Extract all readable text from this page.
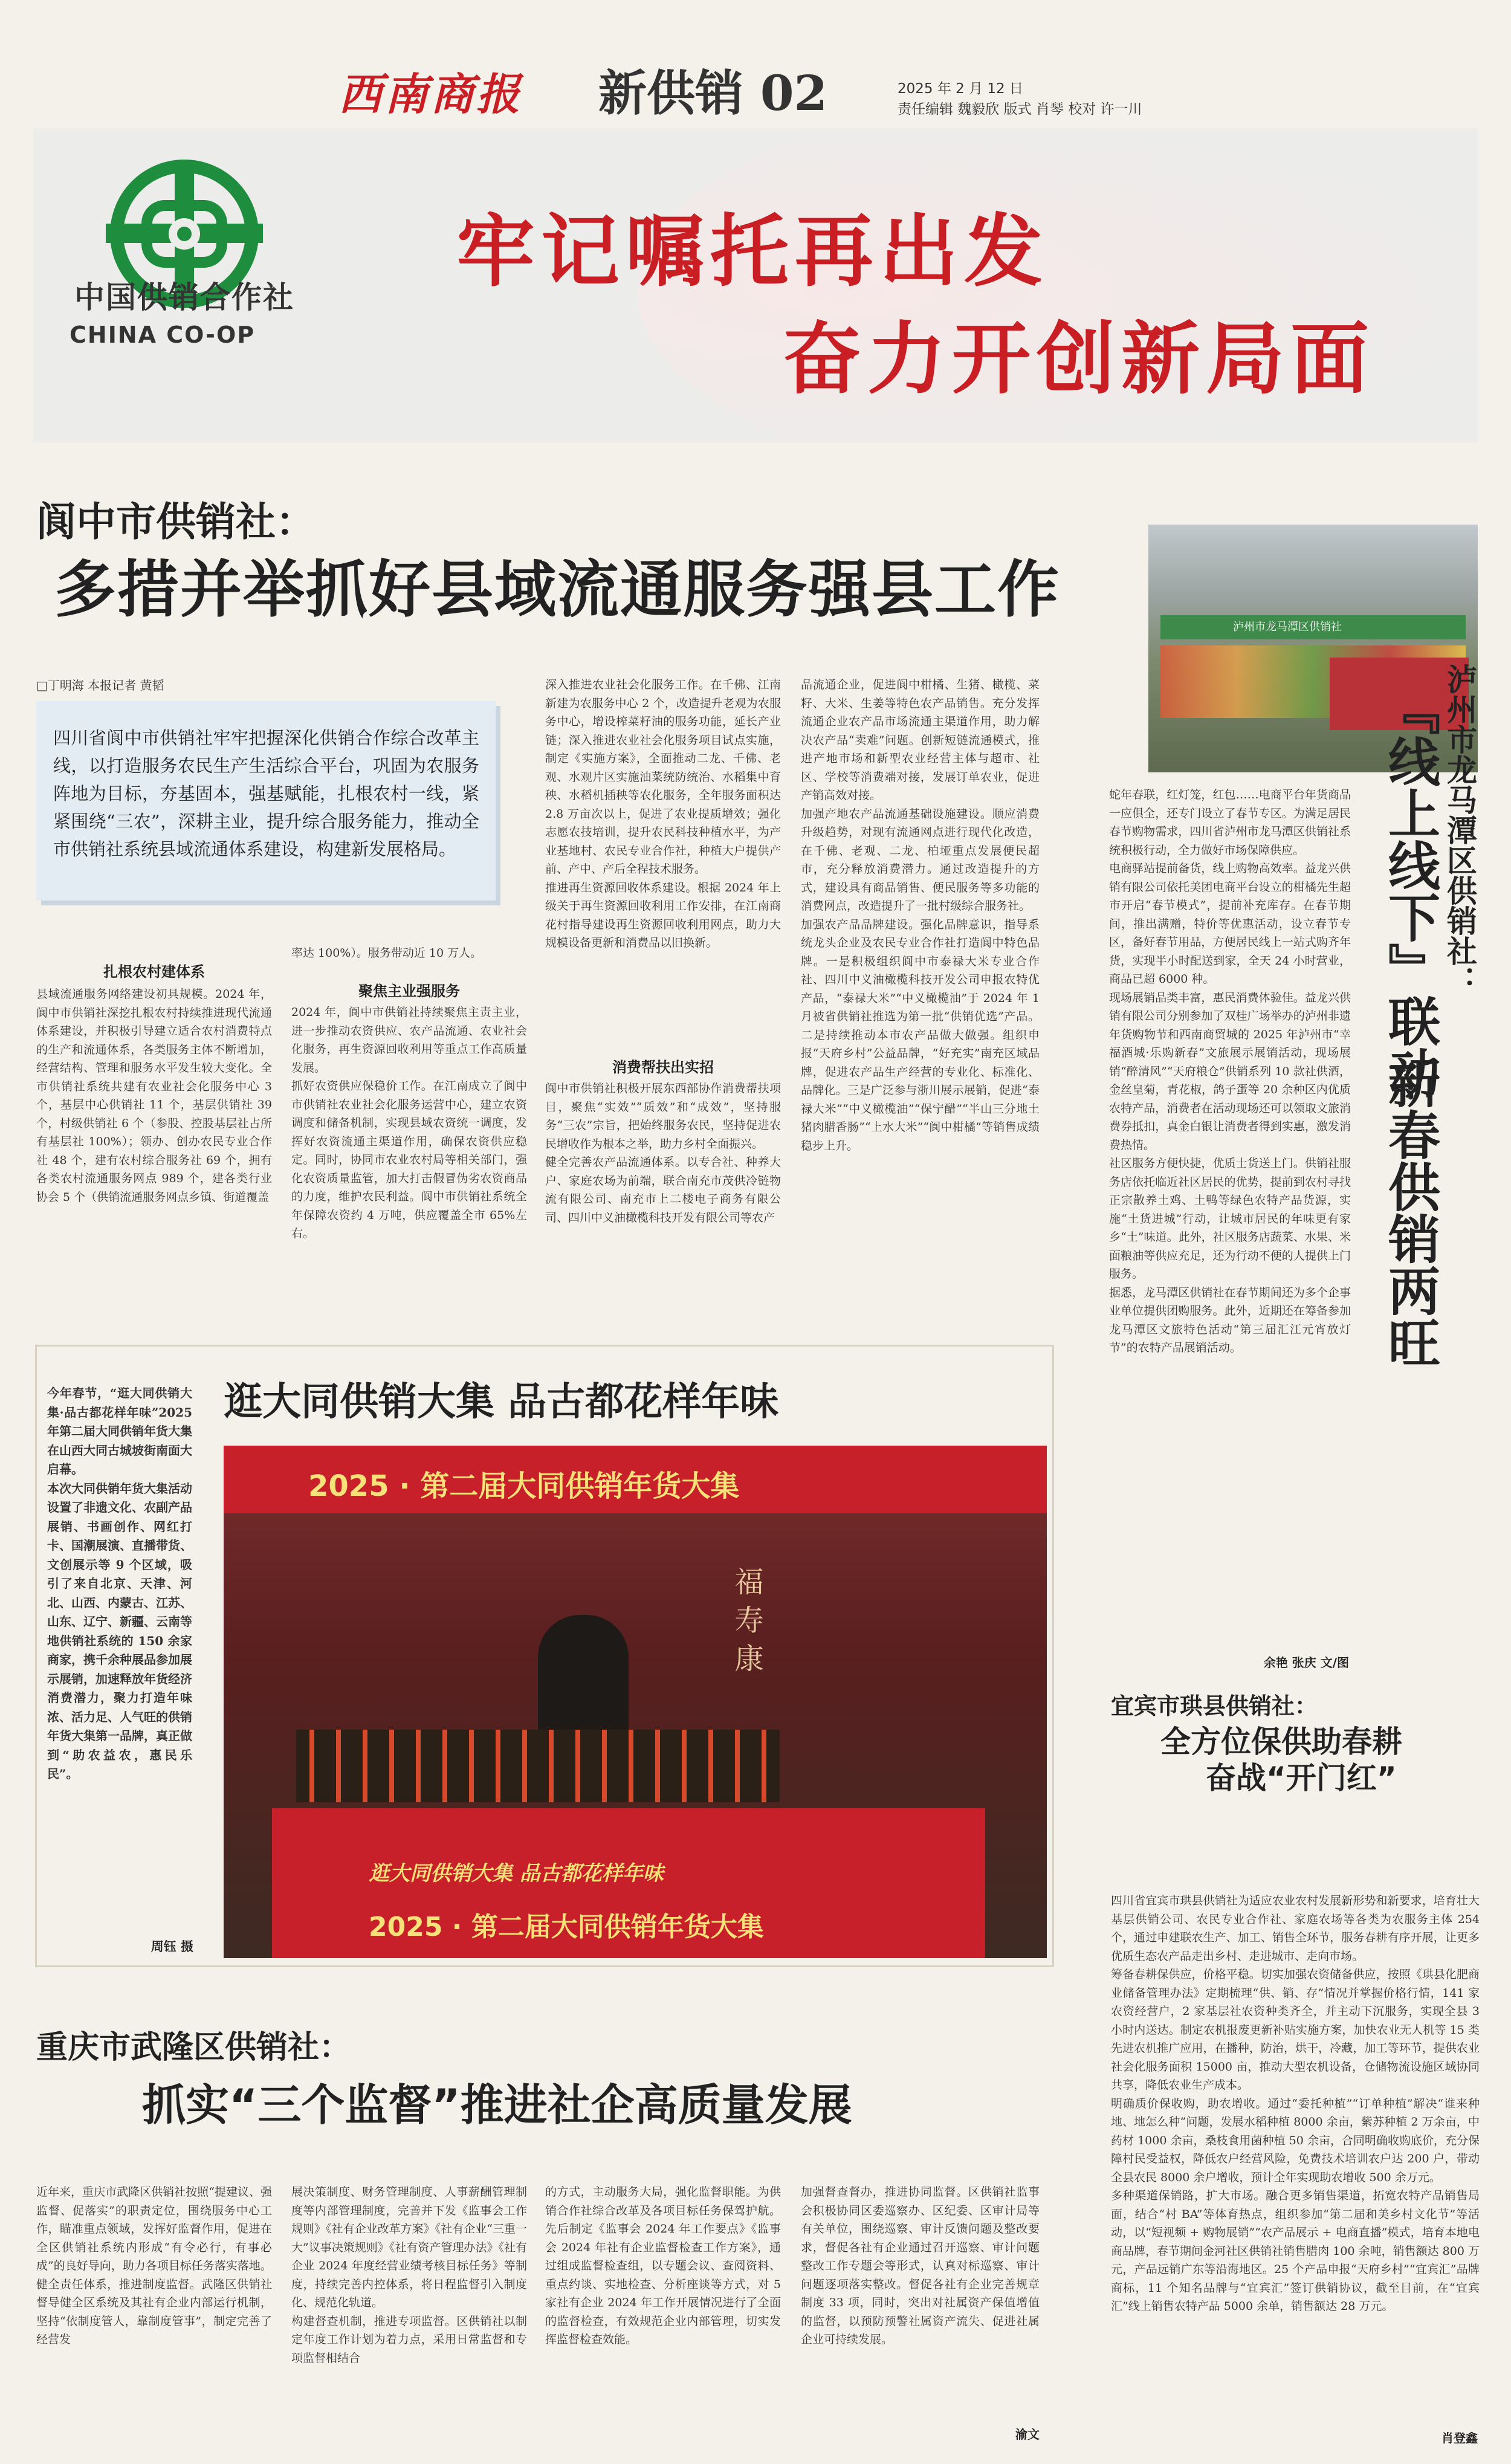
西南商报 新供销 02	2025 年 2 月 12 日
责任编辑 魏毅欣 版式 肖琴 校对 许一川
中国供销合作社
CHINA CO-OP
牢记嘱托再出发
奋力开创新局面
阆中市供销社：
多措并举抓好县域流通服务强县工作
□丁明海 本报记者 黄韬
四川省阆中市供销社牢牢把握深化供销合作综合改革主线，以打造服务农民生产生活综合平台，巩固为农服务阵地为目标，夯基固本，强基赋能，扎根农村一线，紧紧围绕“三农”，深耕主业，提升综合服务能力，推动全市供销社系统县域流通体系建设，构建新发展格局。
扎根农村建体系
县域流通服务网络建设初具规模。2024 年，阆中市供销社深挖扎根农村持续推进现代流通体系建设，并积极引导建立适合农村消费特点的生产和流通体系，各类服务主体不断增加，经营结构、管理和服务水平发生较大变化。全市供销社系统共建有农业社会化服务中心 3 个，基层中心供销社 11 个，基层供销社 39 个，村级供销社 6 个（参股、控股基层社占所有基层社 100%）；领办、创办农民专业合作社 48 个，建有农村综合服务社 69 个，拥有各类农村流通服务网点 989 个，建各类行业协会 5 个（供销流通服务网点乡镇、街道覆盖
率达 100%）。服务带动近 10 万人。
聚焦主业强服务
2024 年，阆中市供销社持续聚焦主责主业，进一步推动农资供应、农产品流通、农业社会化服务，再生资源回收利用等重点工作高质量发展。
抓好农资供应保稳价工作。在江南成立了阆中市供销社农业社会化服务运营中心，建立农资调度和储备机制，实现县域农资统一调度，发挥好农资流通主渠道作用，确保农资供应稳定。同时，协同市农业农村局等相关部门，强化农资质量监管，加大打击假冒伪劣农资商品的力度，维护农民利益。阆中市供销社系统全年保障农资约 4 万吨，供应覆盖全市 65%左右。
深入推进农业社会化服务工作。在千佛、江南新建为农服务中心 2 个，改造提升老观为农服务中心，增设榨菜籽油的服务功能，延长产业链；深入推进农业社会化服务项目试点实施，制定《实施方案》，全面推动二龙、千佛、老观、水观片区实施油菜统防统治、水稻集中育秧、水稻机插秧等农化服务，全年服务面积达 2.8 万亩次以上，促进了农业提质增效；强化志愿农技培训，提升农民科技种植水平，为产业基地村、农民专业合作社，种植大户提供产前、产中、产后全程技术服务。
推进再生资源回收体系建设。根据 2024 年上级关于再生资源回收利用工作安排，在江南商花村指导建设再生资源回收利用网点，助力大规模设备更新和消费品以旧换新。
消费帮扶出实招
阆中市供销社积极开展东西部协作消费帮扶项目，聚焦“实效”“质效”和“成效”，坚持服务“三农”宗旨，把始终服务农民，坚持促进农民增收作为根本之举，助力乡村全面振兴。
健全完善农产品流通体系。以专合社、种养大户、家庭农场为前端，联合南充市茂供冷链物流有限公司、南充市上二楼电子商务有限公司、四川中义油橄榄科技开发有限公司等农产
品流通企业，促进阆中柑橘、生猪、橄榄、菜籽、大米、生姜等特色农产品销售。充分发挥流通企业农产品市场流通主渠道作用，助力解决农产品“卖难”问题。创新短链流通模式，推进产地市场和新型农业经营主体与超市、社区、学校等消费端对接，发展订单农业，促进产销高效对接。
加强产地农产品流通基础设施建设。顺应消费升级趋势，对现有流通网点进行现代化改造，在千佛、老观、二龙、柏垭重点发展便民超市，充分释放消费潜力。通过改造提升的方式，建设具有商品销售、便民服务等多功能的消费网点，改造提升了一批村级综合服务社。
加强农产品品牌建设。强化品牌意识，指导系统龙头企业及农民专业合作社打造阆中特色品牌。一是积极组织阆中市泰禄大米专业合作社、四川中义油橄榄科技开发公司申报农特优产品，“泰禄大米”“中义橄榄油”于 2024 年 1 月被省供销社推选为第一批“供销优选”产品。二是持续推动本市农产品做大做强。组织申报“天府乡村”公益品牌，“好充实”南充区域品牌，促进农产品生产经营的专业化、标准化、品牌化。三是广泛参与浙川展示展销，促进“泰禄大米”“中义橄榄油”“保宁醋”“半山三分地土猪肉腊香肠”“上水大米”“阆中柑橘”等销售成绩稳步上升。
泸州市龙马潭区供销社
泸州市龙马潭区供销社：
『线上线下』联动
新春供销两旺
蛇年春联，红灯笼，红包……电商平台年货商品一应俱全，还专门设立了春节专区。为满足居民春节购物需求，四川省泸州市龙马潭区供销社系统积极行动，全力做好市场保障供应。
电商驿站提前备货，线上购物高效率。益龙兴供销有限公司依托美团电商平台设立的柑橘先生超市开启“春节模式”，提前补充库存。在春节期间，推出满赠，特价等优惠活动，设立春节专区，备好春节用品，方便居民线上一站式购齐年货，实现半小时配送到家，全天 24 小时营业，商品已超 6000 种。
现场展销品类丰富，惠民消费体验佳。益龙兴供销有限公司分别参加了双桂广场举办的泸州非遗年货购物节和西南商贸城的 2025 年泸州市“幸福酒城·乐购新春”文旅展示展销活动，现场展销“醉清风”“天府粮仓”供销系列 10 款社供酒，金丝皇菊，青花椒，鸽子蛋等 20 余种区内优质农特产品，消费者在活动现场还可以领取文旅消费券抵扣，真金白银让消费者得到实惠，激发消费热情。
社区服务方便快捷，优质士货送上门。供销社服务店依托临近社区居民的优势，提前到农村寻找正宗散养土鸡、土鸭等绿色农特产品货源，实施“土货进城”行动，让城市居民的年味更有家乡“土”味道。此外，社区服务店蔬菜、水果、米面粮油等供应充足，还为行动不便的人提供上门服务。
据悉，龙马潭区供销社在春节期间还为多个企事业单位提供团购服务。此外，近期还在筹备参加龙马潭区文旅特色活动“第三届汇江元宵放灯节”的农特产品展销活动。
余艳 张庆 文/图
今年春节，“逛大同供销大集·品古都花样年味”2025 年第二届大同供销年货大集在山西大同古城坡街南面大启幕。
本次大同供销年货大集活动设置了非遗文化、农副产品展销、书画创作、网红打卡、国潮展演、直播带货、文创展示等 9 个区域，吸引了来自北京、天津、河北、山西、内蒙古、江苏、山东、辽宁、新疆、云南等地供销社系统的 150 余家商家，携千余种展品参加展示展销，加速释放年货经济消费潜力，聚力打造年味浓、活力足、人气旺的供销年货大集第一品牌，真正做到“助农益农，惠民乐民”。
周钰 摄
逛大同供销大集 品古都花样年味
2025 · 第二届大同供销年货大集
福 寿 康
逛大同供销大集 品古都花样年味
2025 · 第二届大同供销年货大集
宜宾市珙县供销社：
全方位保供助春耕
奋战“开门红”
四川省宜宾市珙县供销社为适应农业农村发展新形势和新要求，培育壮大基层供销公司、农民专业合作社、家庭农场等各类为农服务主体 254 个，通过申建联农生产、加工、销售全环节，服务春耕有序开展，让更多优质生态农产品走出乡村、走进城市、走向市场。
筹备春耕保供应，价格平稳。切实加强农资储备供应，按照《珙县化肥商业储备管理办法》定期梳理“供、销、存”情况并掌握价格行情，141 家农资经营户，2 家基层社农资种类齐全，并主动下沉服务，实现全县 3 小时内送达。制定农机报废更新补贴实施方案，加快农业无人机等 15 类先进农机推广应用，在播种，防治，烘干，冷藏，加工等环节，提供农业社会化服务面积 15000 亩，推动大型农机设备，仓储物流设施区域协同共享，降低农业生产成本。
明确质价保收购，助农增收。通过“委托种植”“订单种植”解决“谁来种地、地怎么种”问题，发展水稻种植 8000 余亩，紫苏种植 2 万余亩，中药材 1000 余亩，桑枝食用菌种植 50 余亩，合同明确收购底价，充分保障村民受益权，降低农户经营风险，免费技术培训农户达 200 户，带动全县农民 8000 余户增收，预计全年实现助农增收 500 余万元。
多种渠道保销路，扩大市场。融合更多销售渠道，拓宽农特产品销售局面，结合“村 BA”等体育热点，组织参加“第二届和美乡村文化节”等活动，以“短视频 + 购物展销”“农产品展示 + 电商直播”模式，培育本地电商品牌，春节期间金河社区供销社销售腊肉 100 余吨，销售额达 800 万元，产品远销广东等沿海地区。25 个产品申报“天府乡村”“宜宾汇”品牌商标，11 个知名品牌与“宜宾汇”签订供销协议，截至目前，在“宜宾汇”线上销售农特产品 5000 余单，销售额达 28 万元。
肖登鑫
重庆市武隆区供销社：
抓实“三个监督”推进社企高质量发展
近年来，重庆市武隆区供销社按照“提建议、强监督、促落实”的职责定位，围绕服务中心工作，瞄准重点领域，发挥好监督作用，促进在全区供销社系统内形成“有令必行，有事必成”的良好导向，助力各项目标任务落实落地。
健全责任体系，推进制度监督。武隆区供销社督导健全区系统及其社有企业内部运行机制，坚持“依制度管人，靠制度管事”，制定完善了经营发
展决策制度、财务管理制度、人事薪酬管理制度等内部管理制度，完善并下发《监事会工作规则》《社有企业改革方案》《社有企业“三重一大”议事决策规则》《社有资产管理办法》《社有企业 2024 年度经营业绩考核目标任务》等制度，持续完善内控体系，将日程监督引入制度化、规范化轨道。
构建督查机制，推进专项监督。区供销社以制定年度工作计划为着力点，采用日常监督和专项监督相结合
的方式，主动服务大局，强化监督职能。为供销合作社综合改革及各项目标任务保驾护航。先后制定《监事会 2024 年工作要点》《监事会 2024 年社有企业监督检查工作方案》，通过组成监督检查组，以专题会议、查阅资料、重点约谈、实地检查、分析座谈等方式，对 5 家社有企业 2024 年工作开展情况进行了全面的监督检查，有效规范企业内部管理，切实发挥监督检查效能。
加强督查督办，推进协同监督。区供销社监事会积极协同区委巡察办、区纪委、区审计局等有关单位，围绕巡察、审计反馈问题及整改要求，督促各社有企业通过召开巡察、审计问题整改工作专题会等形式，认真对标巡察、审计问题逐项落实整改。督促各社有企业完善规章制度 33 项，同时，突出对社属资产保值增值的监督，以预防预警社属资产流失、促进社属企业可持续发展。
渝文
